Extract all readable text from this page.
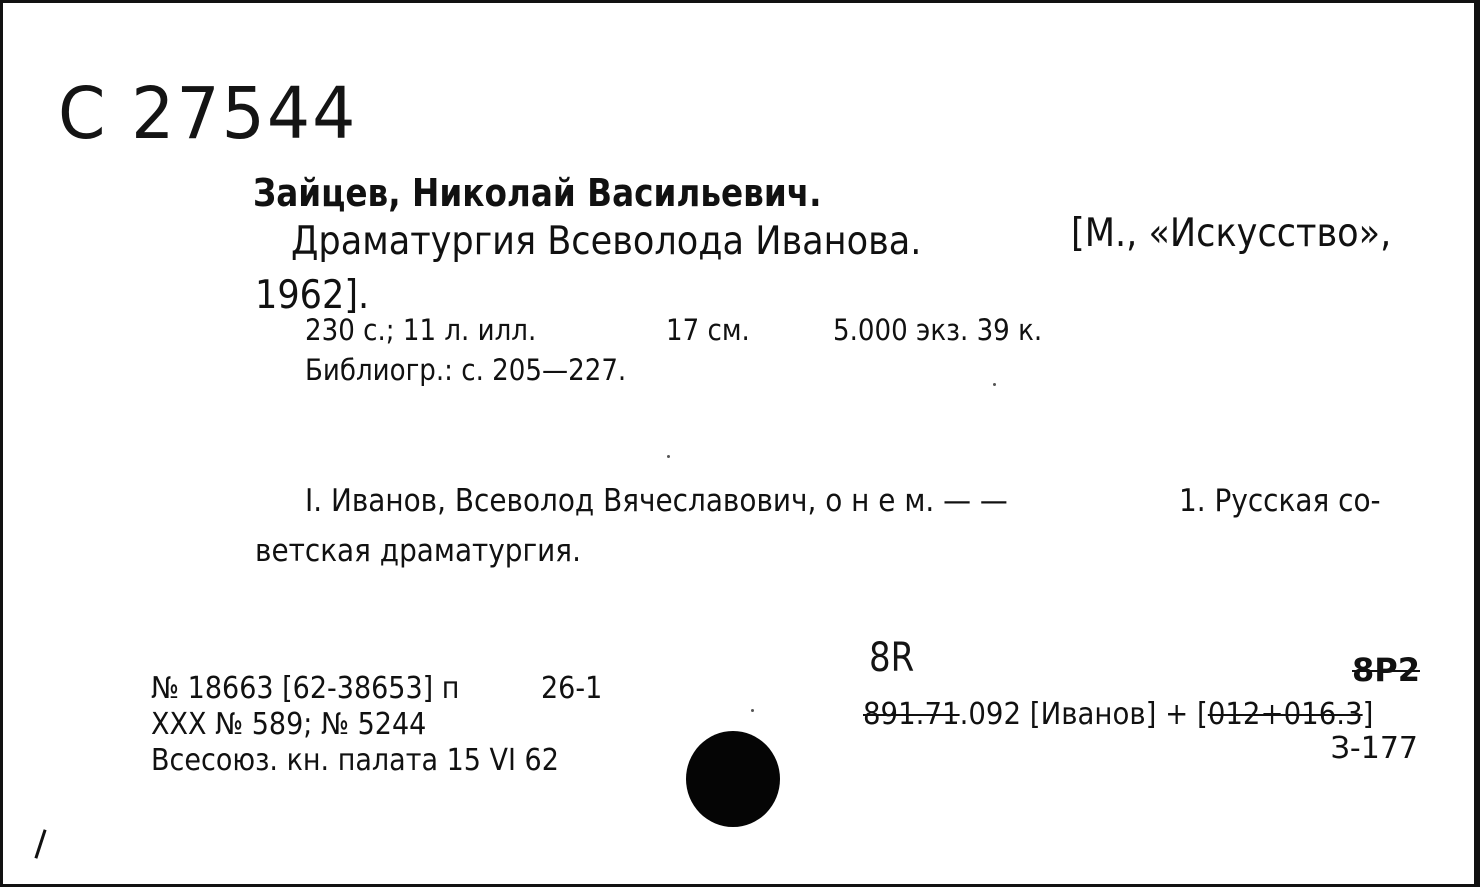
С 27544
Зайцев, Николай Васильевич.
Драматургия Всеволода Иванова.	[М., «Искусство»,
1962].
230 с.; 11 л. илл.	17 см.	5.000 экз. 39 к.
Библиогр.: с. 205—227.
I. Иванов, Всеволод Вячеславович, о н е м. — —	1. Русская со-
ветская драматургия.
№ 18663 [62-38653] п	26-1
XXX № 589; № 5244
Всесоюз. кн. палата 15 VI 62
8R	8P2
891.71.092 [Иванов] + [012+016.3]
З-177
